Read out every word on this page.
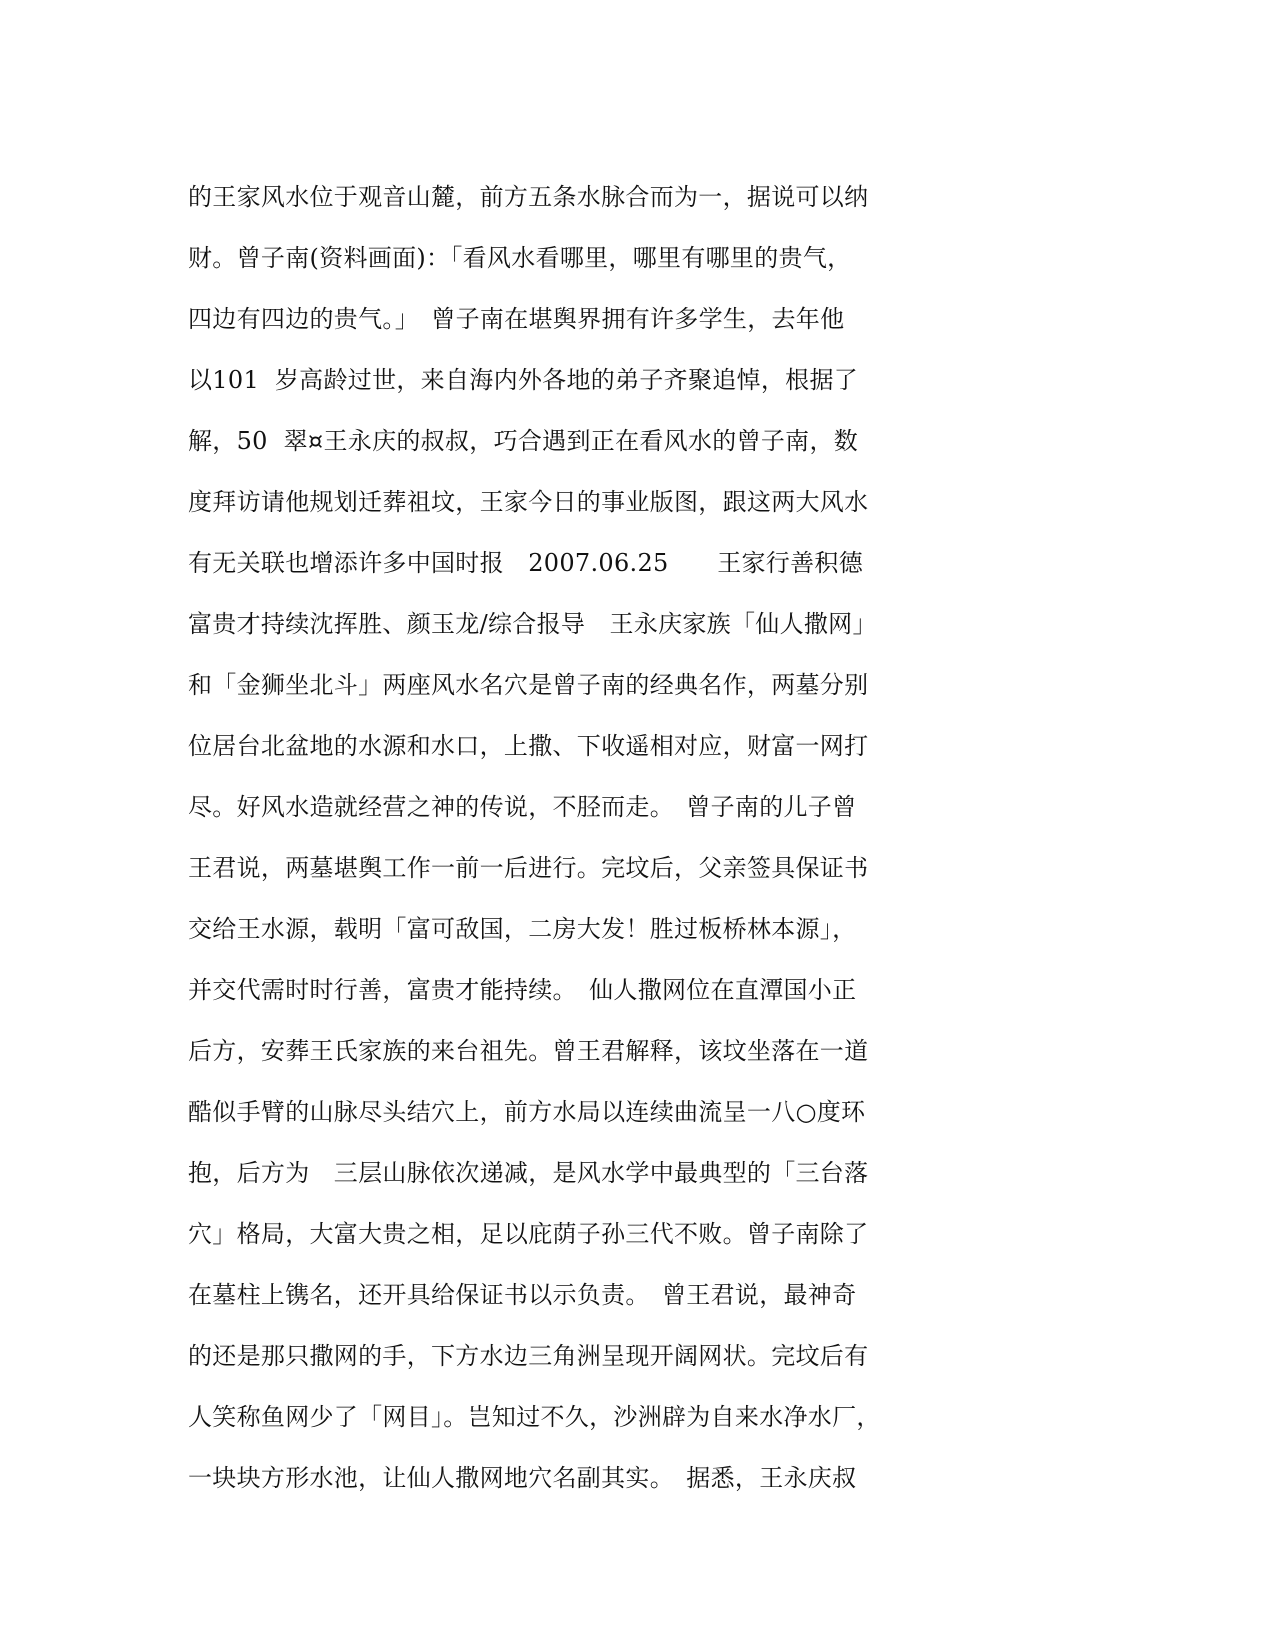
的王家风水位于观音山麓，前方五条水脉合而为一，据说可以纳
财。曾子南(资料画面)：「看风水看哪里，哪里有哪里的贵气，
四边有四边的贵气。」　曾子南在堪舆界拥有许多学生，去年他
以101  岁高龄过世，来自海内外各地的弟子齐聚追悼，根据了
解，50  翠¤王永庆的叔叔，巧合遇到正在看风水的曾子南，数
度拜访请他规划迁葬祖坟，王家今日的事业版图，跟这两大风水
有无关联也增添许多中国时报　2007.06.25　　王家行善积德
富贵才持续沈挥胜、颜玉龙/综合报导　王永庆家族「仙人撒网」
和「金狮坐北斗」两座风水名穴是曾子南的经典名作，两墓分别
位居台北盆地的水源和水口，上撒、下收遥相对应，财富一网打
尽。好风水造就经营之神的传说，不胫而走。　曾子南的儿子曾
王君说，两墓堪舆工作一前一后进行。完坟后，父亲签具保证书
交给王水源，载明「富可敌国，二房大发！胜过板桥林本源」，
并交代需时时行善，富贵才能持续。　仙人撒网位在直潭国小正
后方，安葬王氏家族的来台祖先。曾王君解释，该坟坐落在一道
酷似手臂的山脉尽头结穴上，前方水局以连续曲流呈一八○度环
抱，后方为　三层山脉依次递减，是风水学中最典型的「三台落
穴」格局，大富大贵之相，足以庇荫子孙三代不败。曾子南除了
在墓柱上镌名，还开具给保证书以示负责。　曾王君说，最神奇
的还是那只撒网的手，下方水边三角洲呈现开阔网状。完坟后有
人笑称鱼网少了「网目」。岂知过不久，沙洲辟为自来水净水厂，
一块块方形水池，让仙人撒网地穴名副其实。　据悉，王永庆叔
